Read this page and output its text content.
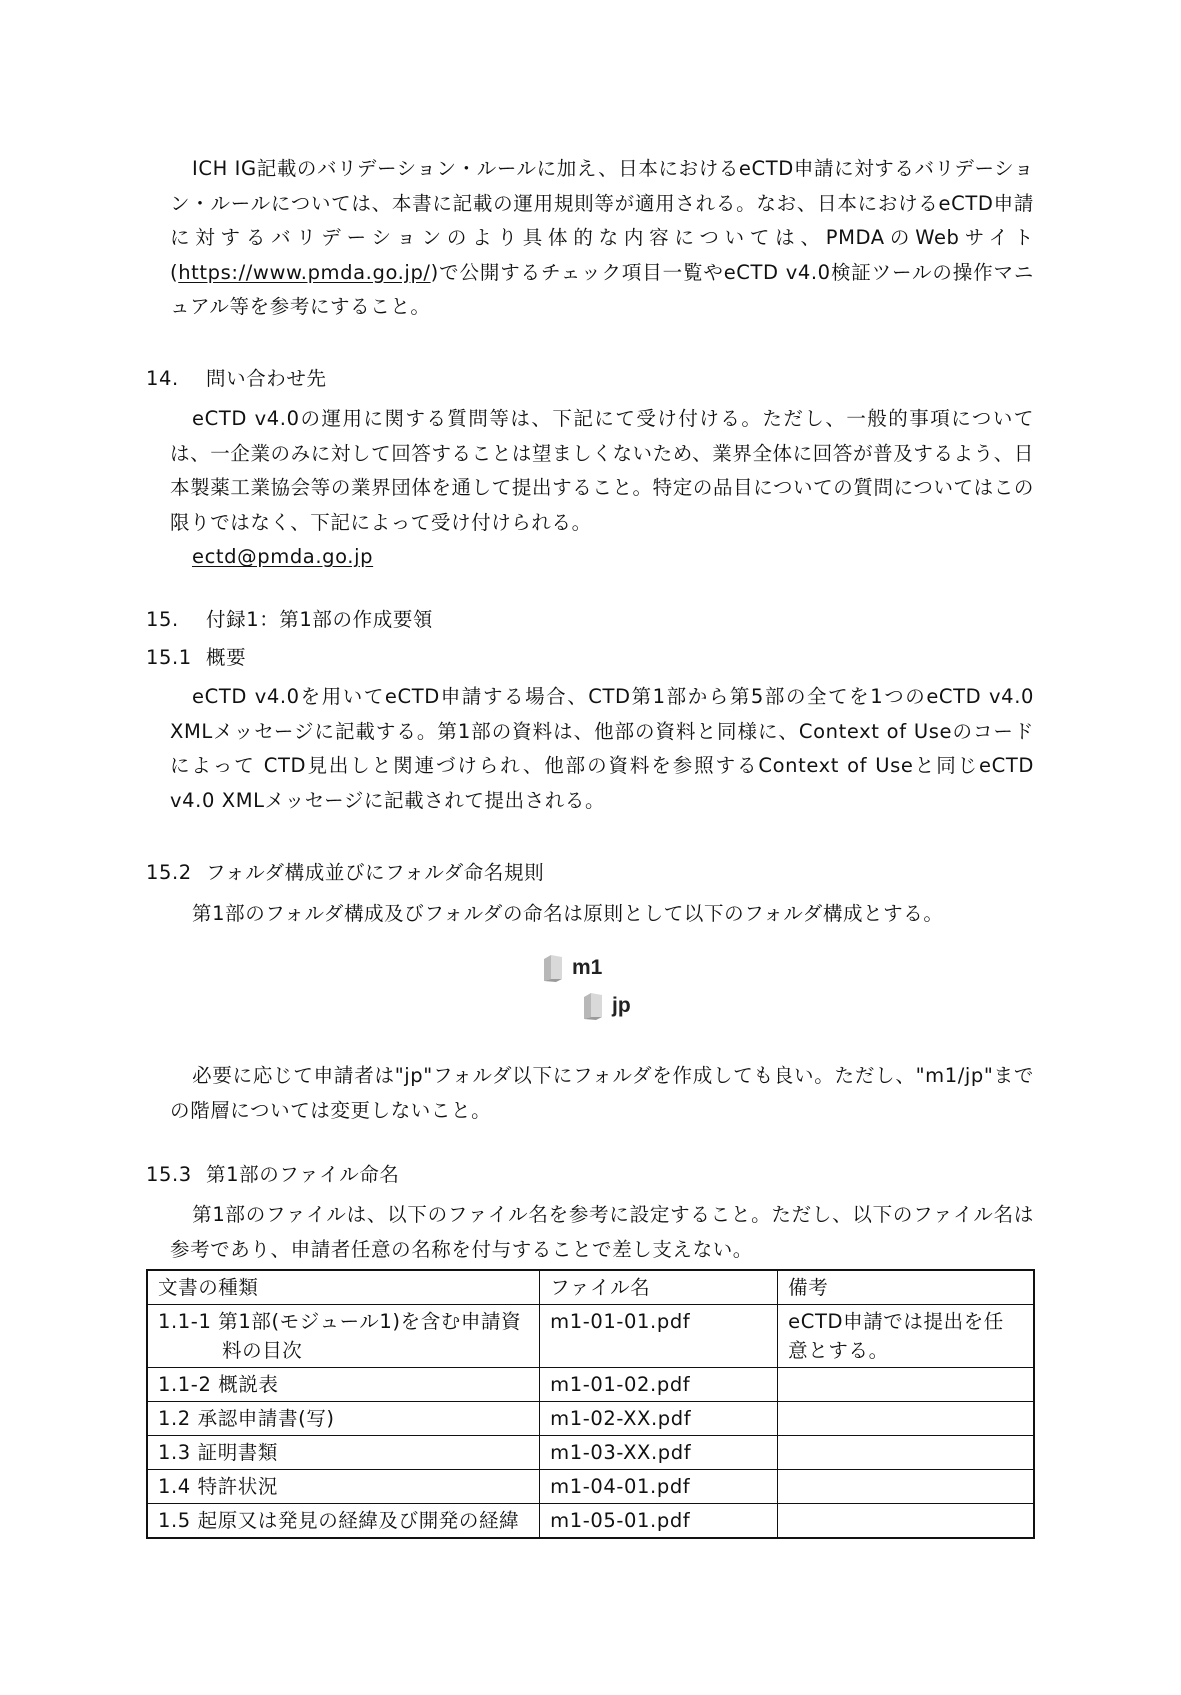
ICH IG記載のバリデーション・ルールに加え、日本におけるeCTD申請に対するバリデーション・ルールについては、本書に記載の運用規則等が適用される。なお、日本におけるeCTD申請に対するバリデーションのより具体的な内容については、PMDAのWebサイト(https://www.pmda.go.jp/)で公開するチェック項目一覧やeCTD v4.0検証ツールの操作マニュアル等を参考にすること。

14. 問い合わせ先

eCTD v4.0の運用に関する質問等は、下記にて受け付ける。ただし、一般的事項については、一企業のみに対して回答することは望ましくないため、業界全体に回答が普及するよう、日本製薬工業協会等の業界団体を通して提出すること。特定の品目についての質問についてはこの限りではなく、下記によって受け付けられる。

ectd@pmda.go.jp
15. 付録1：第1部の作成要領
15.1 概要

eCTD v4.0を用いてeCTD申請する場合、CTD第1部から第5部の全てを1つのeCTD v4.0 XMLメッセージに記載する。第1部の資料は、他部の資料と同様に、Context of Useのコードによって CTD見出しと関連づけられ、他部の資料を参照するContext of Useと同じeCTD v4.0 XMLメッセージに記載されて提出される。

15.2 フォルダ構成並びにフォルダ命名規則

第1部のフォルダ構成及びフォルダの命名は原則として以下のフォルダ構成とする。

m1
jp

必要に応じて申請者は"jp"フォルダ以下にフォルダを作成しても良い。ただし、"m1/jp"までの階層については変更しないこと。

15.3 第1部のファイル命名

第1部のファイルは、以下のファイル名を参考に設定すること。ただし、以下のファイル名は参考であり、申請者任意の名称を付与することで差し支えない。

文書の種類	ファイル名	備考

1.1-1 第1部(モジュール1)を含む申請資料の目次	m1-01-01.pdf	eCTD申請では提出を任意とする。
1.1-2 概説表	m1-01-02.pdf	
1.2 承認申請書(写)	m1-02-XX.pdf	
1.3 証明書類	m1-03-XX.pdf	
1.4 特許状況	m1-04-01.pdf	

1.5 起原又は発見の経緯及び開発の経緯	m1-05-01.pdf	
